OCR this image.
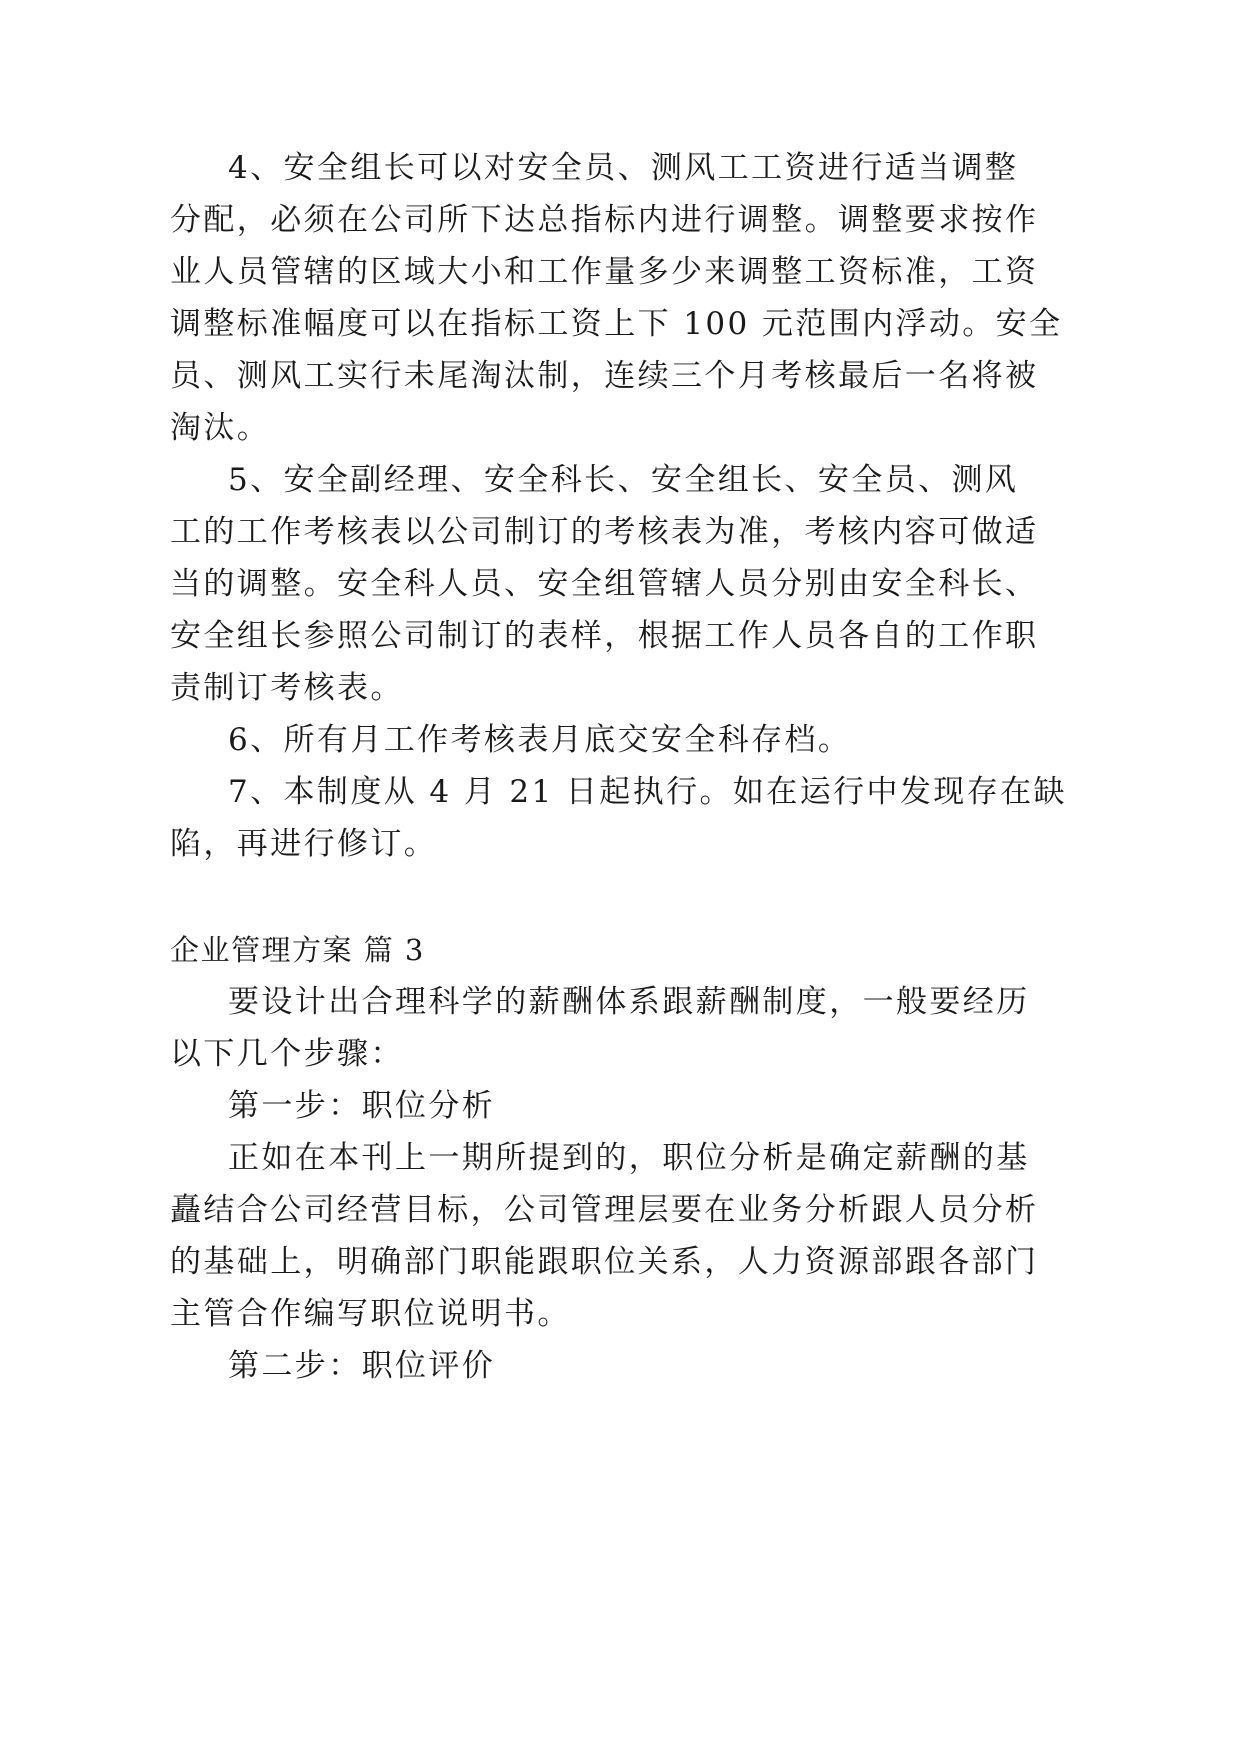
4、安全组长可以对安全员、测风工工资进行适当调整

分配，必须在公司所下达总指标内进行调整。调整要求按作

业人员管辖的区域大小和工作量多少来调整工资标准，工资

调整标准幅度可以在指标工资上下 100 元范围内浮动。安全

员、测风工实行未尾淘汰制，连续三个月考核最后一名将被

淘汰。

5、安全副经理、安全科长、安全组长、安全员、测风

工的工作考核表以公司制订的考核表为准，考核内容可做适

当的调整。安全科人员、安全组管辖人员分别由安全科长、

安全组长参照公司制订的表样，根据工作人员各自的工作职

责制订考核表。

6、所有月工作考核表月底交安全科存档。

7、本制度从 4 月 21 日起执行。如在运行中发现存在缺

陷，再进行修订。

企业管理方案 篇 3

要设计出合理科学的薪酬体系跟薪酬制度，一般要经历

以下几个步骤：

第一步：职位分析

正如在本刊上一期所提到的，职位分析是确定薪酬的基

矗结合公司经营目标，公司管理层要在业务分析跟人员分析

的基础上，明确部门职能跟职位关系，人力资源部跟各部门

主管合作编写职位说明书。

第二步：职位评价
